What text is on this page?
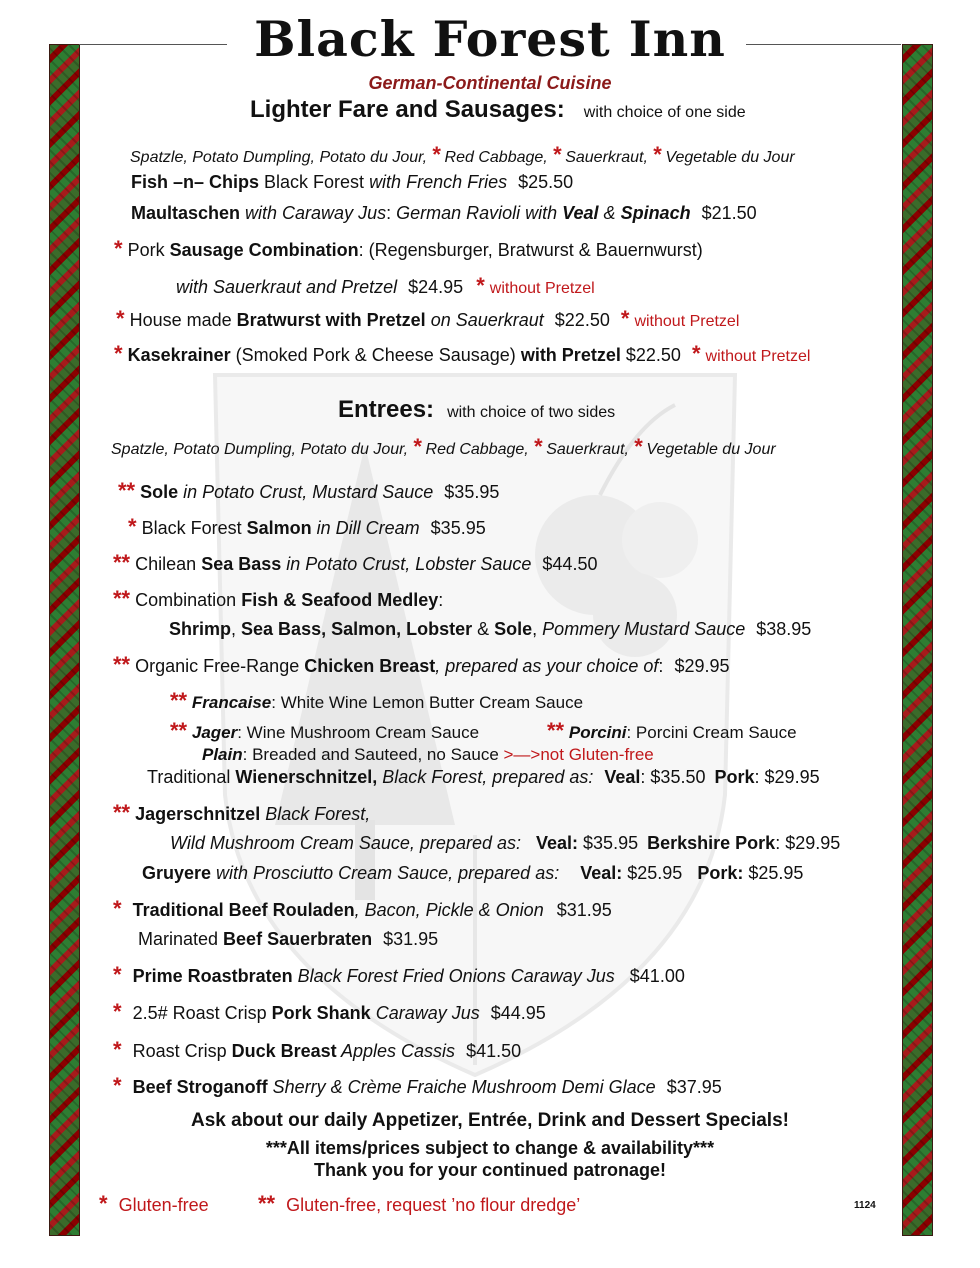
Black Forest Inn
German-Continental Cuisine
Lighter Fare and Sausages: with choice of one side
Spatzle, Potato Dumpling, Potato du Jour, * Red Cabbage, * Sauerkraut, * Vegetable du Jour
Fish –n– Chips Black Forest with French Fries $25.50
Maultaschen with Caraway Jus: German Ravioli with Veal & Spinach $21.50
* Pork Sausage Combination: (Regensburger, Bratwurst & Bauernwurst)
with Sauerkraut and Pretzel $24.95 * without Pretzel
* House made Bratwurst with Pretzel on Sauerkraut $22.50 * without Pretzel
* Kasekrainer (Smoked Pork & Cheese Sausage) with Pretzel $22.50 * without Pretzel
Entrees: with choice of two sides
Spatzle, Potato Dumpling, Potato du Jour, * Red Cabbage, * Sauerkraut, * Vegetable du Jour
** Sole in Potato Crust, Mustard Sauce $35.95
* Black Forest Salmon in Dill Cream $35.95
** Chilean Sea Bass in Potato Crust, Lobster Sauce $44.50
** Combination Fish & Seafood Medley:
Shrimp, Sea Bass, Salmon, Lobster & Sole, Pommery Mustard Sauce $38.95
** Organic Free-Range Chicken Breast, prepared as your choice of: $29.95
** Francaise: White Wine Lemon Butter Cream Sauce
** Jager: Wine Mushroom Cream Sauce	** Porcini: Porcini Cream Sauce
Plain: Breaded and Sauteed, no Sauce >—>not Gluten-free
Traditional Wienerschnitzel, Black Forest, prepared as: Veal: $35.50 Pork: $29.95
** Jagerschnitzel Black Forest,
Wild Mushroom Cream Sauce, prepared as: Veal: $35.95 Berkshire Pork: $29.95
Gruyere with Prosciutto Cream Sauce, prepared as: Veal: $25.95 Pork: $25.95
* Traditional Beef Rouladen, Bacon, Pickle & Onion $31.95
Marinated Beef Sauerbraten $31.95
* Prime Roastbraten Black Forest Fried Onions Caraway Jus $41.00
* 2.5# Roast Crisp Pork Shank Caraway Jus $44.95
* Roast Crisp Duck Breast Apples Cassis $41.50
* Beef Stroganoff Sherry & Crème Fraiche Mushroom Demi Glace $37.95
Ask about our daily Appetizer, Entrée, Drink and Dessert Specials!
***All items/prices subject to change & availability***
Thank you for your continued patronage!
* Gluten-free ** Gluten-free, request ’no flour dredge’	1124
